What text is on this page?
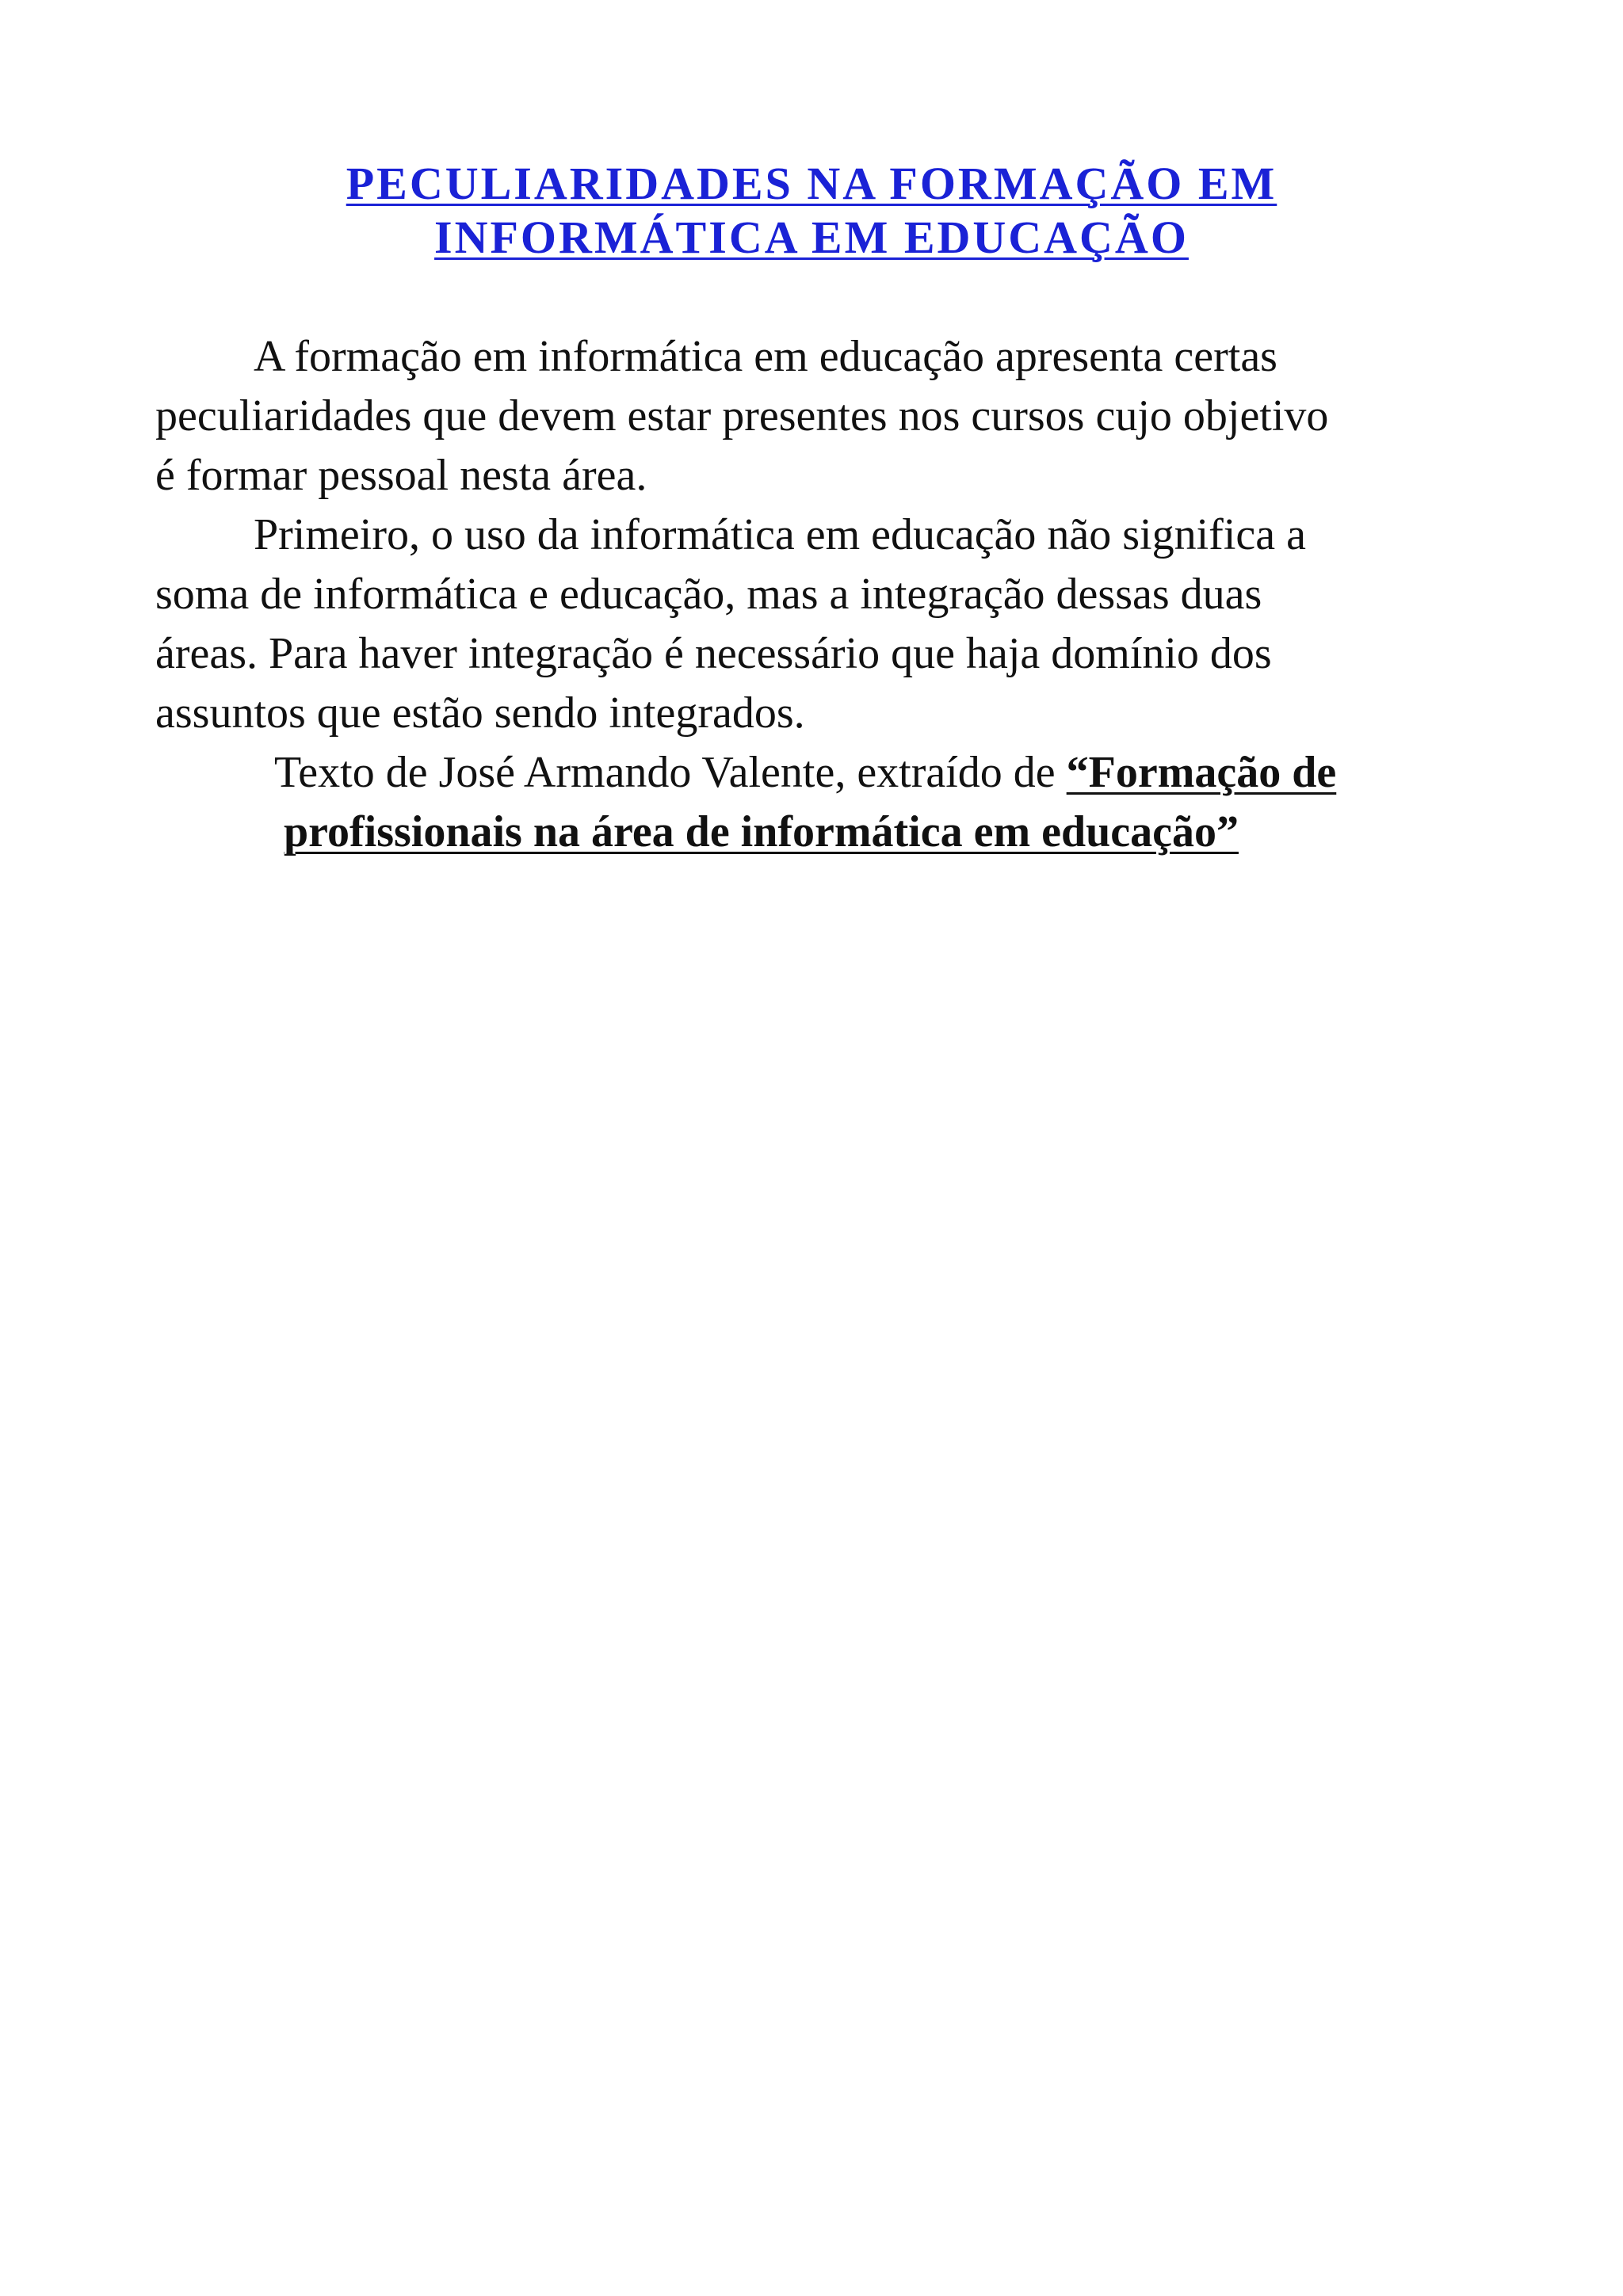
PECULIARIDADES NA FORMAÇÃO EM
INFORMÁTICA EM EDUCAÇÃO
A formação em informática em educação apresenta certas
peculiaridades que devem estar presentes nos cursos cujo objetivo
é formar pessoal nesta área.
Primeiro, o uso da informática em educação não significa a
soma de informática e educação, mas a integração dessas duas
áreas. Para haver integração é necessário que haja domínio dos
assuntos que estão sendo integrados.
Texto de José Armando Valente, extraído de “Formação de
profissionais na área de informática em educação”
